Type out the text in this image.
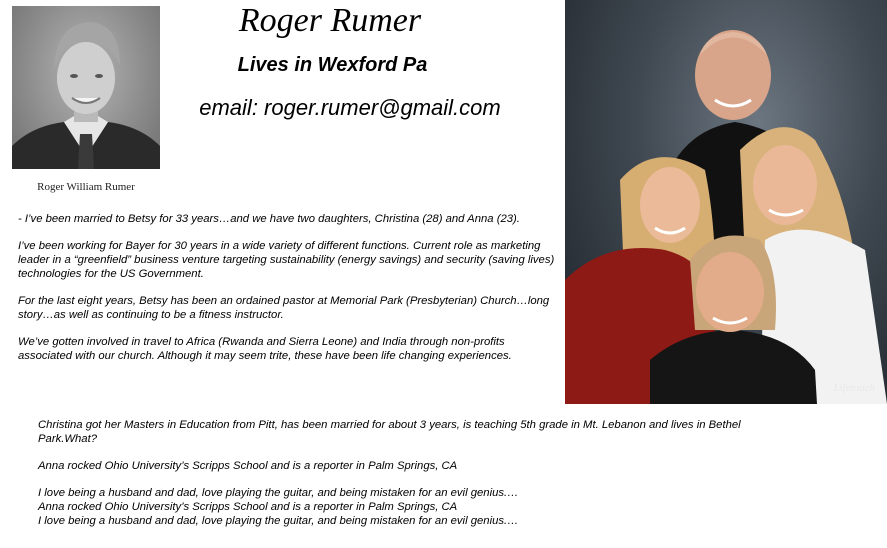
Roger William Rumer
Roger Rumer
Lives in Wexford Pa
email: roger.rumer@gmail.com
Lifetouch

- I’ve been married to Betsy for 33 years…and we have two daughters, Christina (28) and Anna (23).

I’ve been working for Bayer for 30 years in a wide variety of different functions. Current role as marketing leader in a “greenfield” business venture targeting sustainability (energy savings) and security (saving lives) technologies for the US Government.

For the last eight years, Betsy has been an ordained pastor at Memorial Park (Presbyterian) Church…long story…as well as continuing to be a fitness instructor.

We’ve gotten involved in travel to Africa (Rwanda and Sierra Leone) and India through non-profits associated with our church. Although it may seem trite, these have been life changing experiences.

Christina got her Masters in Education from Pitt, has been married for about 3 years, is teaching 5th grade in Mt. Lebanon and lives in Bethel Park.What?

Anna rocked Ohio University’s Scripps School and is a reporter in Palm Springs, CA

I love being a husband and dad, love playing the guitar, and being mistaken for an evil genius.…

Anna rocked Ohio University’s Scripps School and is a reporter in Palm Springs, CA

I love being a husband and dad, love playing the guitar, and being mistaken for an evil genius.…
